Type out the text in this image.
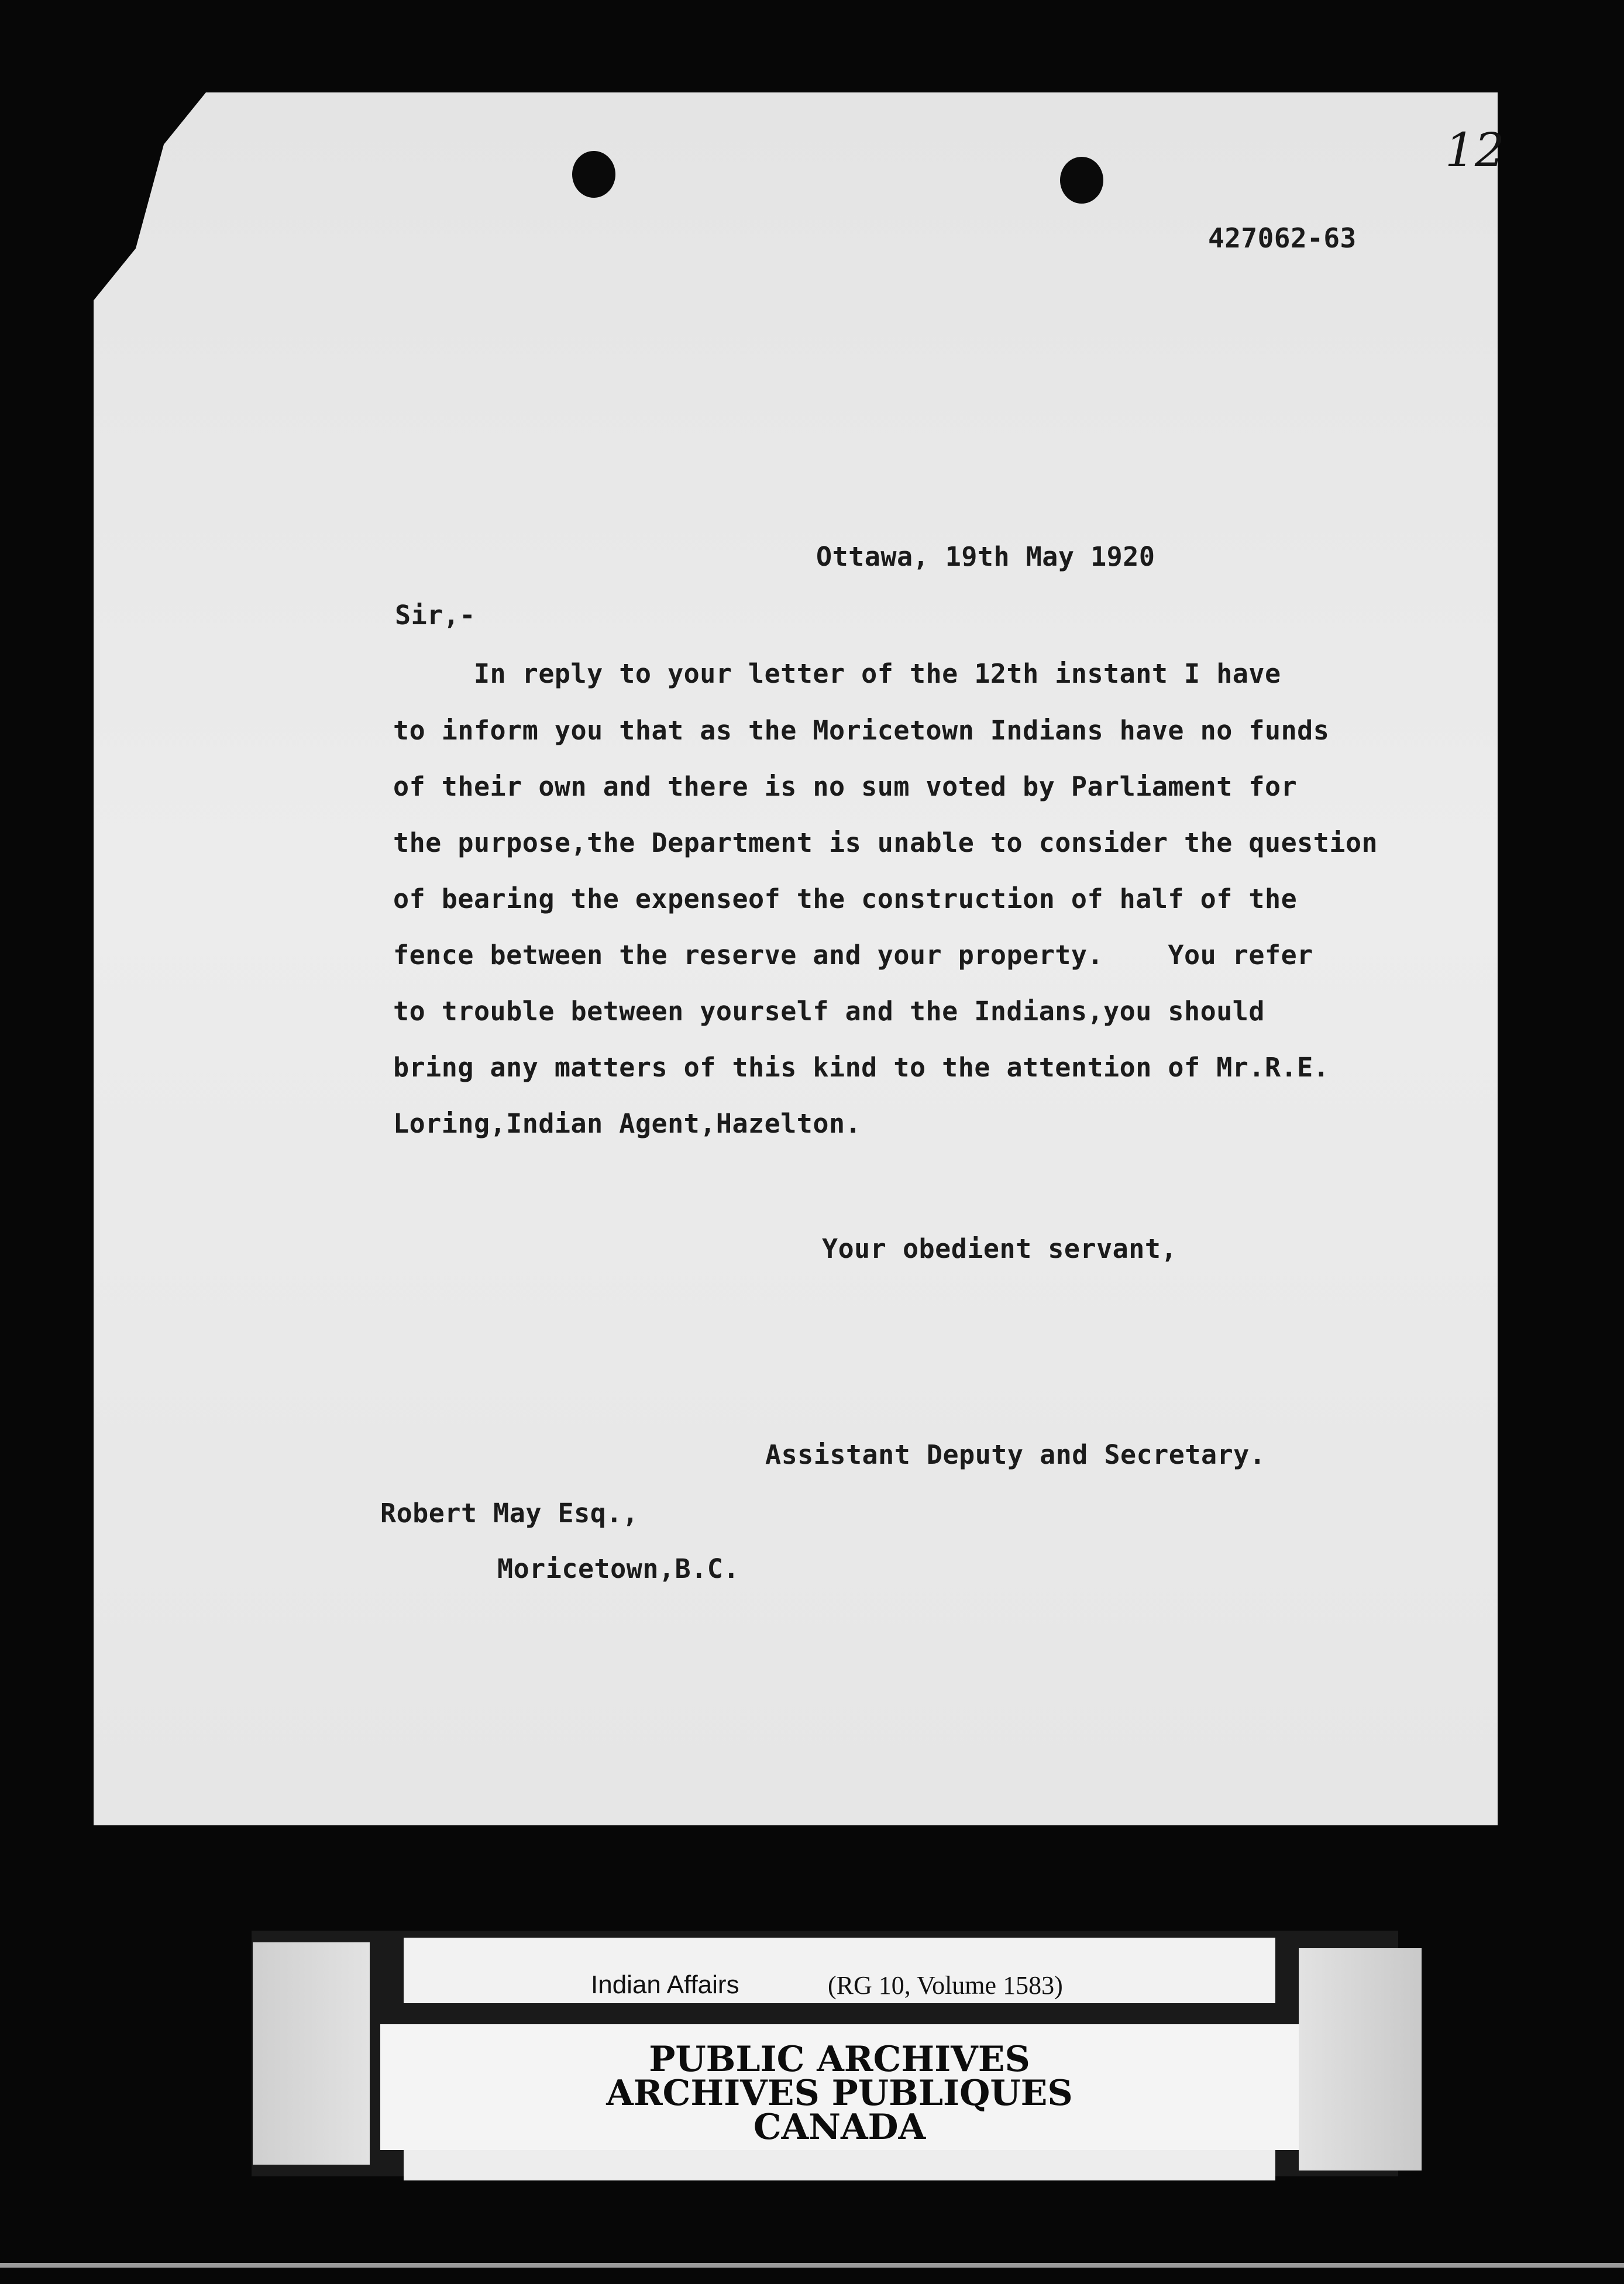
12
427062-63
Ottawa, 19th May 1920
Sir,-
In reply to your letter of the 12th instant I have
to inform you that as the Moricetown Indians have no funds
of their own and there is no sum voted by Parliament for
the purpose,the Department is unable to consider the question
of bearing the expenseof the construction of half of the
fence between the reserve and your property.    You refer
to trouble between yourself and the Indians,you should
bring any matters of this kind to the attention of Mr.R.E.
Loring,Indian Agent,Hazelton.
Your obedient servant,
Assistant Deputy and Secretary.
Robert May Esq.,
Moricetown,B.C.
Indian Affairs	(RG 10, Volume 1583)
PUBLIC ARCHIVES
ARCHIVES PUBLIQUES
CANADA
